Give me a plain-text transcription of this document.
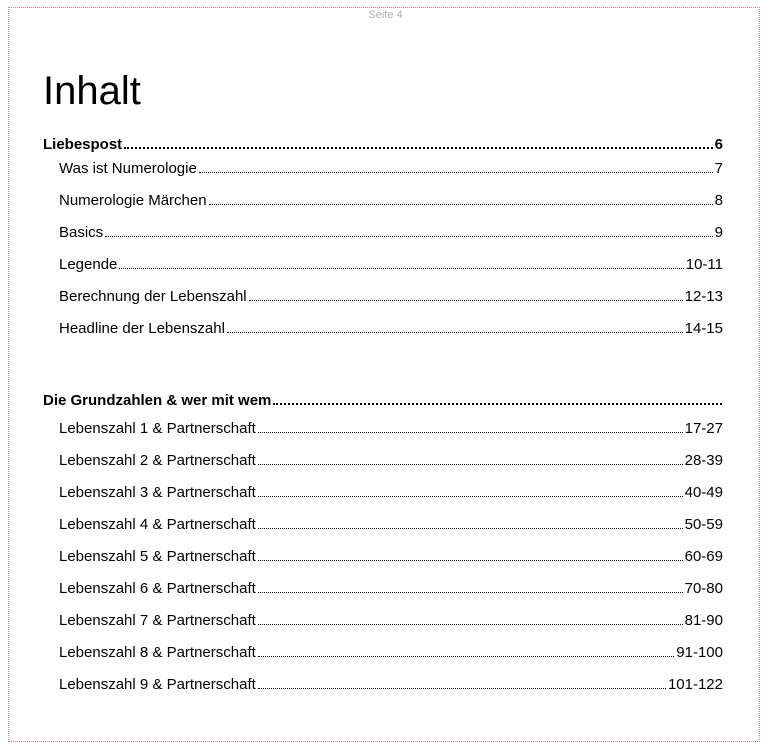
Seite 4
Inhalt
Liebespost	6
Was ist Numerologie	7
Numerologie Märchen	8
Basics	9
Legende	10-11
Berechnung der Lebenszahl	12-13
Headline der Lebenszahl	14-15
Die Grundzahlen & wer mit wem
Lebenszahl 1 & Partnerschaft	17-27
Lebenszahl 2 & Partnerschaft	28-39
Lebenszahl 3 & Partnerschaft	40-49
Lebenszahl 4 & Partnerschaft	50-59
Lebenszahl 5 & Partnerschaft	60-69
Lebenszahl 6 & Partnerschaft	70-80
Lebenszahl 7 & Partnerschaft	81-90
Lebenszahl 8 & Partnerschaft	91-100
Lebenszahl 9 & Partnerschaft	101-122
